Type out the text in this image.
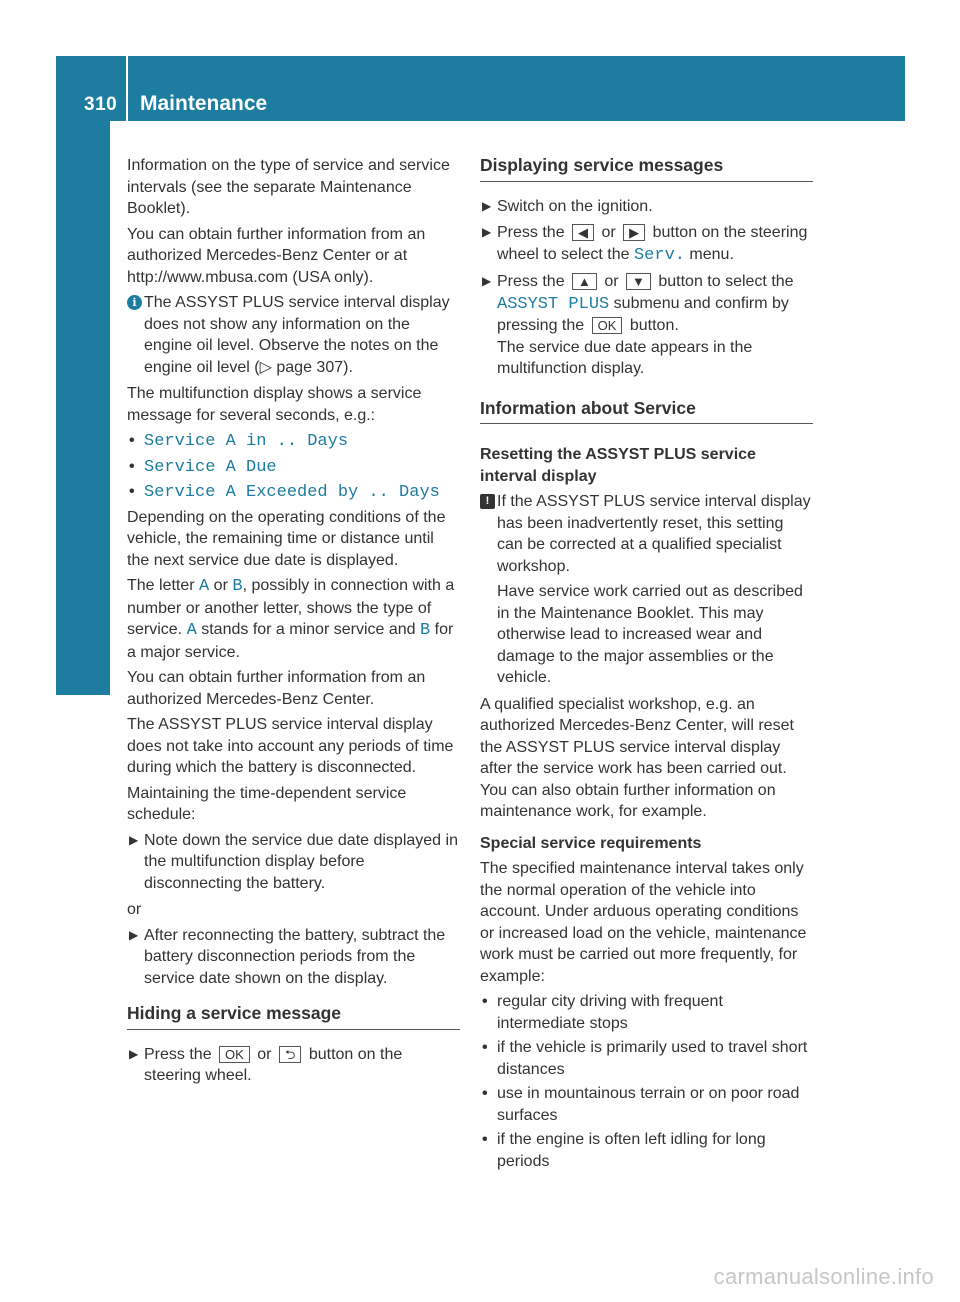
310 Maintenance
Maintenance and care

Information on the type of service and service intervals (see the separate Maintenance Booklet).

You can obtain further information from an authorized Mercedes-Benz Center or at http://www.mbusa.com (USA only).

i The ASSYST PLUS service interval display does not show any information on the engine oil level. Observe the notes on the engine oil level (▷ page 307).

The multifunction display shows a service message for several seconds, e.g.:

• Service A in .. Days
• Service A Due
• Service A Exceeded by .. Days

Depending on the operating conditions of the vehicle, the remaining time or distance until the next service due date is displayed.

The letter A or B, possibly in connection with a number or another letter, shows the type of service. A stands for a minor service and B for a major service.

You can obtain further information from an authorized Mercedes-Benz Center.

The ASSYST PLUS service interval display does not take into account any periods of time during which the battery is disconnected.

Maintaining the time-dependent service schedule:

▶ Note down the service due date displayed in the multifunction display before disconnecting the battery.

or

▶ After reconnecting the battery, subtract the battery disconnection periods from the service date shown on the display.
Hiding a service message
▶ Press the OK or ⮌ button on the steering wheel.
Displaying service messages
▶ Switch on the ignition.
▶ Press the ◀ or ▶ button on the steering wheel to select the Serv. menu.
▶ Press the ▲ or ▼ button to select the ASSYST PLUS submenu and confirm by pressing the OK button.
The service due date appears in the multifunction display.
Information about Service
Resetting the ASSYST PLUS service interval display
! If the ASSYST PLUS service interval display has been inadvertently reset, this setting can be corrected at a qualified specialist workshop.

Have service work carried out as described in the Maintenance Booklet. This may otherwise lead to increased wear and damage to the major assemblies or the vehicle.

A qualified specialist workshop, e.g. an authorized Mercedes-Benz Center, will reset the ASSYST PLUS service interval display after the service work has been carried out. You can also obtain further information on maintenance work, for example.

Special service requirements

The specified maintenance interval takes only the normal operation of the vehicle into account. Under arduous operating conditions or increased load on the vehicle, maintenance work must be carried out more frequently, for example:

• regular city driving with frequent intermediate stops
• if the vehicle is primarily used to travel short distances
• use in mountainous terrain or on poor road surfaces
• if the engine is often left idling for long periods
carmanualsonline.info
